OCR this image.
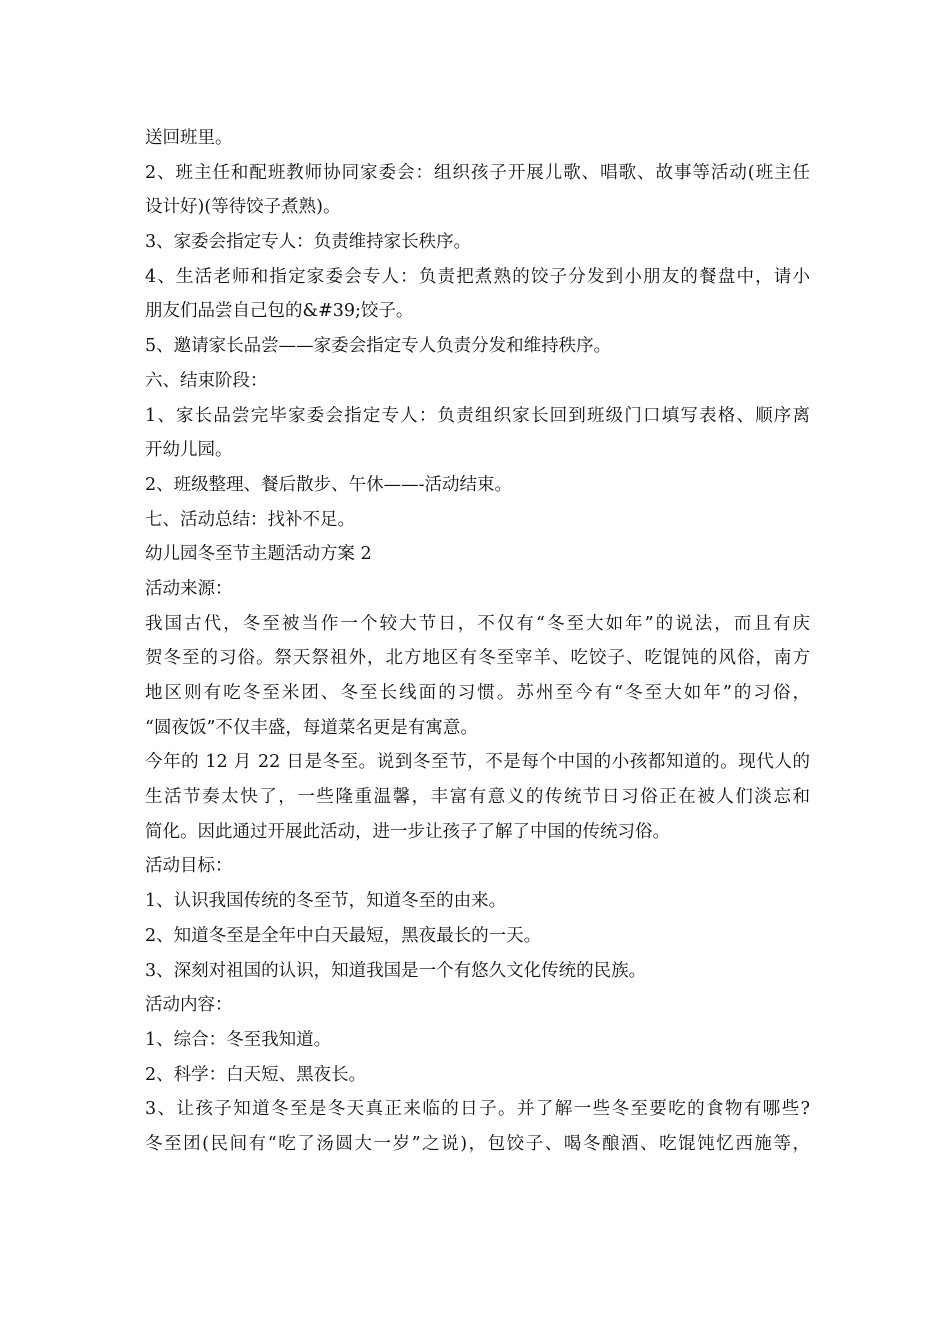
送回班里。
2、班主任和配班教师协同家委会：组织孩子开展儿歌、唱歌、故事等活动(班主任
设计好)(等待饺子煮熟)。
3、家委会指定专人：负责维持家长秩序。
4、生活老师和指定家委会专人：负责把煮熟的饺子分发到小朋友的餐盘中，请小
朋友们品尝自己包的&#39;饺子。
5、邀请家长品尝——家委会指定专人负责分发和维持秩序。
六、结束阶段：
1、家长品尝完毕家委会指定专人：负责组织家长回到班级门口填写表格、顺序离
开幼儿园。
2、班级整理、餐后散步、午休——-活动结束。
七、活动总结：找补不足。
幼儿园冬至节主题活动方案 2
活动来源：
我国古代，冬至被当作一个较大节日，不仅有“冬至大如年”的说法，而且有庆
贺冬至的习俗。祭天祭祖外，北方地区有冬至宰羊、吃饺子、吃馄饨的风俗，南方
地区则有吃冬至米团、冬至长线面的习惯。苏州至今有“冬至大如年”的习俗，
“圆夜饭”不仅丰盛，每道菜名更是有寓意。
今年的 12 月 22 日是冬至。说到冬至节，不是每个中国的小孩都知道的。现代人的
生活节奏太快了，一些隆重温馨，丰富有意义的传统节日习俗正在被人们淡忘和
简化。因此通过开展此活动，进一步让孩子了解了中国的传统习俗。
活动目标：
1、认识我国传统的冬至节，知道冬至的由来。
2、知道冬至是全年中白天最短，黑夜最长的一天。
3、深刻对祖国的认识，知道我国是一个有悠久文化传统的民族。
活动内容：
1、综合：冬至我知道。
2、科学：白天短、黑夜长。
3、让孩子知道冬至是冬天真正来临的日子。并了解一些冬至要吃的食物有哪些?
冬至团(民间有“吃了汤圆大一岁”之说)，包饺子、喝冬酿酒、吃馄饨忆西施等，
